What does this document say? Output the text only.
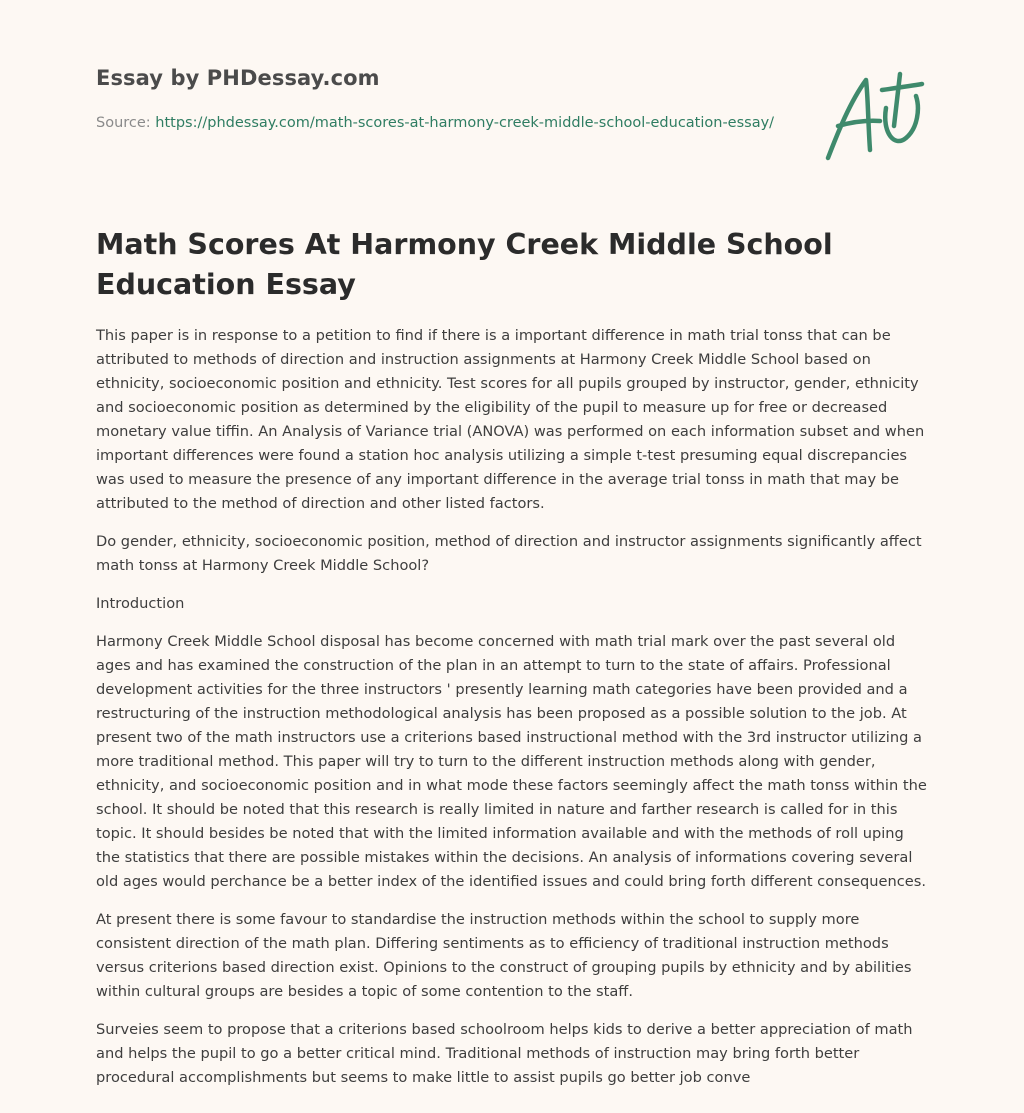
Essay by PHDessay.com

Source: https://phdessay.com/math-scores-at-harmony-creek-middle-school-education-essay/
Math Scores At Harmony Creek Middle School Education Essay

This paper is in response to a petition to find if there is a important difference in math trial tonss that can be attributed to methods of direction and instruction assignments at Harmony Creek Middle School based on ethnicity, socioeconomic position and ethnicity. Test scores for all pupils grouped by instructor, gender, ethnicity and socioeconomic position as determined by the eligibility of the pupil to measure up for free or decreased monetary value tiffin. An Analysis of Variance trial (ANOVA) was performed on each information subset and when important differences were found a station hoc analysis utilizing a simple t-test presuming equal discrepancies was used to measure the presence of any important difference in the average trial tonss in math that may be attributed to the method of direction and other listed factors.

Do gender, ethnicity, socioeconomic position, method of direction and instructor assignments significantly affect math tonss at Harmony Creek Middle School?

Introduction

Harmony Creek Middle School disposal has become concerned with math trial mark over the past several old ages and has examined the construction of the plan in an attempt to turn to the state of affairs. Professional development activities for the three instructors ' presently learning math categories have been provided and a restructuring of the instruction methodological analysis has been proposed as a possible solution to the job. At present two of the math instructors use a criterions based instructional method with the 3rd instructor utilizing a more traditional method. This paper will try to turn to the different instruction methods along with gender, ethnicity, and socioeconomic position and in what mode these factors seemingly affect the math tonss within the school. It should be noted that this research is really limited in nature and farther research is called for in this topic. It should besides be noted that with the limited information available and with the methods of roll uping the statistics that there are possible mistakes within the decisions. An analysis of informations covering several old ages would perchance be a better index of the identified issues and could bring forth different consequences.

At present there is some favour to standardise the instruction methods within the school to supply more consistent direction of the math plan. Differing sentiments as to efficiency of traditional instruction methods versus criterions based direction exist. Opinions to the construct of grouping pupils by ethnicity and by abilities within cultural groups are besides a topic of some contention to the staff.

Surveies seem to propose that a criterions based schoolroom helps kids to derive a better appreciation of math and helps the pupil to go a better critical mind. Traditional methods of instruction may bring forth better procedural accomplishments but seems to make little to assist pupils go better job conve
